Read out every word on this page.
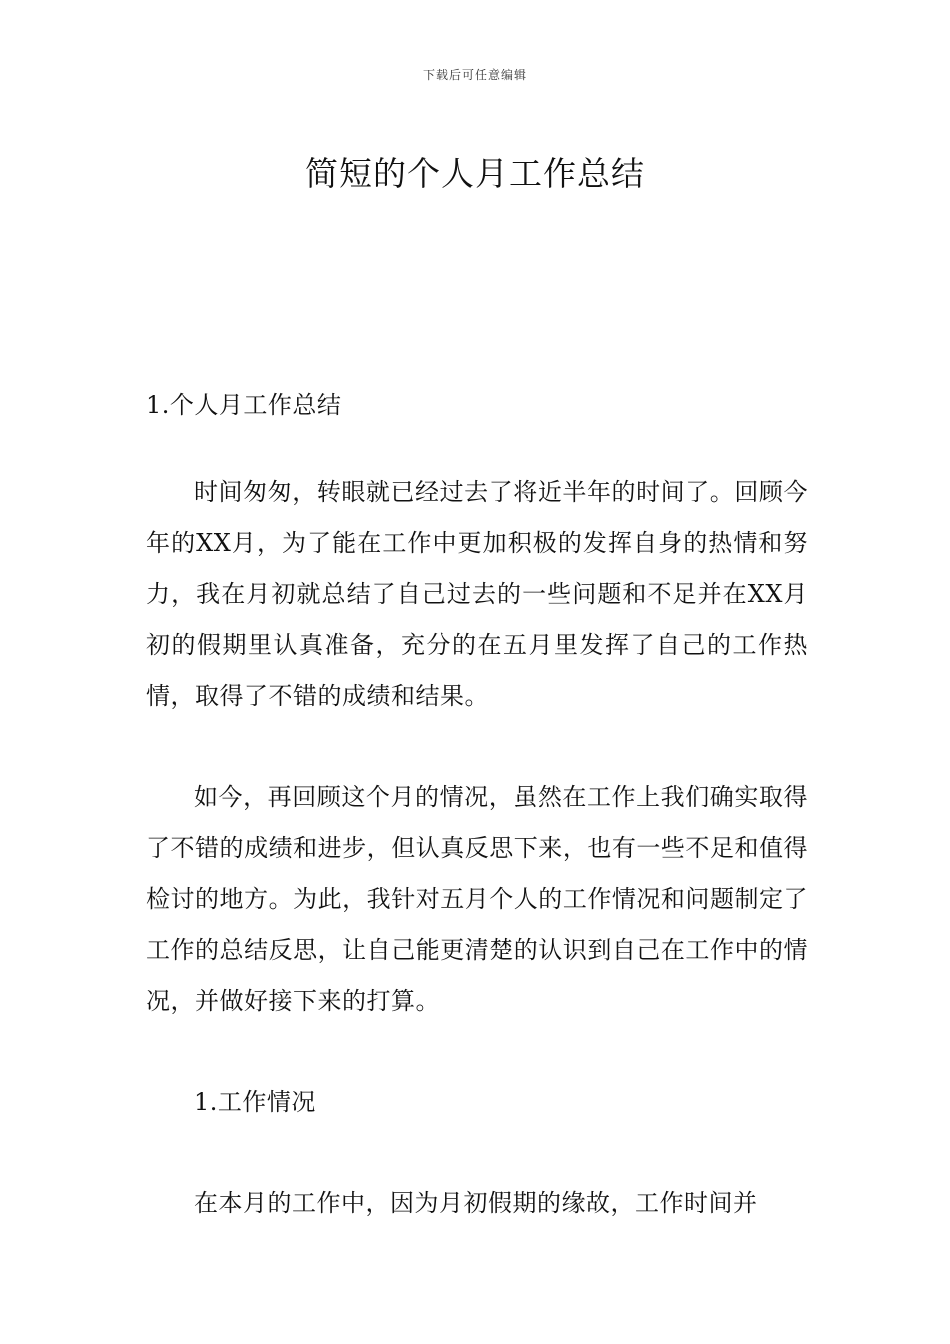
下载后可任意编辑
简短的个人月工作总结
1.个人月工作总结

时间匆匆，转眼就已经过去了将近半年的时间了。回顾今年的XX月，为了能在工作中更加积极的发挥自身的热情和努力，我在月初就总结了自己过去的一些问题和不足并在XX月初的假期里认真准备，充分的在五月里发挥了自己的工作热情，取得了不错的成绩和结果。

如今，再回顾这个月的情况，虽然在工作上我们确实取得了不错的成绩和进步，但认真反思下来，也有一些不足和值得检讨的地方。为此，我针对五月个人的工作情况和问题制定了工作的总结反思，让自己能更清楚的认识到自己在工作中的情况，并做好接下来的打算。

1.工作情况

在本月的工作中，因为月初假期的缘故，工作时间并
